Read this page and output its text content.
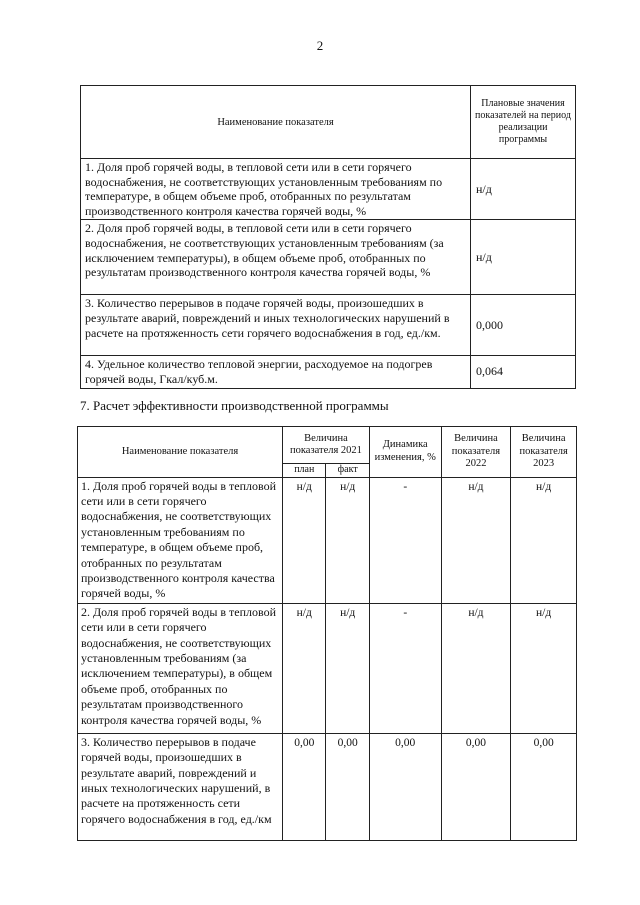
2
Наименование показателя	Плановые значения показателей на период реализации программы
1. Доля проб горячей воды, в тепловой сети или в сети горячего водоснабжения, не соответствующих установленным требованиям по температуре, в общем объеме проб, отобранных по результатам производственного контроля качества горячей воды, %	н/д
2. Доля проб горячей воды, в тепловой сети или в сети горячего водоснабжения, не соответствующих установленным требованиям (за исключением температуры), в общем объеме проб, отобранных по результатам производственного контроля качества горячей воды, %	н/д
3. Количество перерывов в подаче горячей воды, произошедших в результате аварий, повреждений и иных технологических нарушений в расчете на протяженность сети горячего водоснабжения в год, ед./км.	0,000
4. Удельное количество тепловой энергии, расходуемое на подогрев горячей воды, Гкал/куб.м.	0,064
7. Расчет эффективности производственной программы
Наименование показателя	Величина показателя 2021		Динамика изменения, %	Величина показателя 2022	Величина показателя 2023
	план	факт			
1. Доля проб горячей воды в тепловой сети или в сети горячего водоснабжения, не соответствующих установленным требованиям по температуре, в общем объеме проб, отобранных по результатам производственного контроля качества горячей воды, %	н/д	н/д	-	н/д	н/д
2. Доля проб горячей воды в тепловой сети или в сети горячего водоснабжения, не соответствующих установленным требованиям (за исключением температуры), в общем объеме проб, отобранных по результатам производственного контроля качества горячей воды, %	н/д	н/д	-	н/д	н/д
3. Количество перерывов в подаче горячей воды, произошедших в результате аварий, повреждений и иных технологических нарушений, в расчете на протяженность сети горячего водоснабжения в год, ед./км	0,00	0,00	0,00	0,00	0,00
